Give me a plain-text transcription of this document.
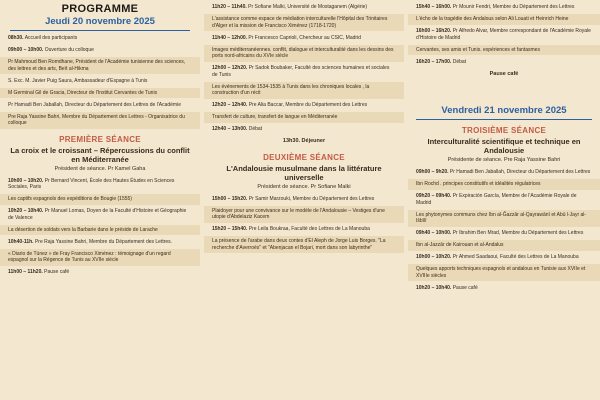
PROGRAMME
Jeudi 20 novembre 2025
08h30. Accueil des participants
09h00 – 10h00. Ouverture du colloque
Pr Mahmoud Ben Romdhane, Président de l'Académie tunisienne des sciences, des lettres et des arts, Beït al-Hikma
S. Exc. M. Javier Puig Saura, Ambassadeur d'Espagne à Tunis
M Germinal Gil de Gracia, Directeur de l'Institut Cervantes de Tunis
Pr Hamadi Ben Jaballah, Directeur du Département des Lettres de l'Académie
Pre Raja Yassine Bahri, Membre du Département des Lettres - Organisatrice du colloque
PREMIÈRE SÉANCE
La croix et le croissant – Répercussions du conflit en Méditerranée
Président de séance. Pr Kamel Gaha
10h00 – 10h20. Pr Bernard Vincent, École des Hautes Études en Sciences Sociales, Paris
Les captifs espagnols des expéditions de Bougie (1555)
10h20 – 10h40. Pr Manuel Lomas, Doyen de la Faculté d'Histoire et Géographie de Valence
La désertion de soldats vers la Barbarie dans le préside de Larache
10h40-11h. Pre Raja Yassine Bahri, Membre du Département des Lettres.
« Diario de Túnez » de Fray Francisco Ximénez : témoignage d'un regard espagnol sur la Régence de Tunis au XVIIe siècle
11h00 – 11h20. Pause café
11h20 – 11h40. Pr Sofiane Malki, Université de Mostaganem (Algérie)
L'assistance comme espace de médiation interculturelle l'Hôpital des Trinitaires d'Alger et la mission de Francisco Ximénez (1718-1720)
11h40 – 12h00. Pr Francesco Caprioli, Chercheur au CSIC, Madrid
Images méditerranéennes. conflit, dialogue et interculturalité dans les dessins des ports nord-africains du XVIe siècle
12h00 – 12h20. Pr Sadok Boubaker, Faculté des sciences humaines et sociales de Tunis
Les événements de 1534-1535 à Tunis dans les chroniques locales , la construction d'un récit
12h20 – 12h40. Pre Alia Baccar, Membre du Département des Lettres
Transfert de culture, transfert de langue en Méditerranée
12h40 – 13h00. Débat
13h30. Déjeuner
DEUXIÈME SÉANCE
L'Andalousie musulmane dans la littérature universelle
Président de séance. Pr Sofiane Malki
15h00 – 15h20. Pr Samir Marzouki, Membre du Département des Lettres
Plaidoyer pour une convivance sur le modèle de l'Andalousie – Vestiges d'une utopie d'Abdelaziz Kacem
15h20 – 15h40. Pre Leila Boukraa, Faculté des Lettres de La Manouba
La présence de l'arabe dans deux contes d'El Aleph de Jorge Luis Borges. "La recherche d'Averroès" et "Abenjacan el Bojari, mort dans son labyrinthe"
15h40 – 16h00. Pr Mounir Fendri, Membre du Département des Lettres
L'écho de la tragédie des Andalous selon Ali Louati et Heinrich Heine
16h00 – 16h20. Pr Alfredo Alvar, Membre correspondant de l'Académie Royale d'Histoire de Madrid
Cervantes, ses amis et Tunis. expériences et fantasmes
16h20 – 17h00. Débat
Pause café
Vendredi 21 novembre 2025
TROISIÈME SÉANCE
Interculturalité scientifique et technique en Andalousie
Présidente de séance. Pre Raja Yassine Bahri
09h00 – 9h20. Pr Hamadi Ben Jaballah, Directeur du Département des Lettres
Ibn Rochd . principes constitutifs et idéalités régulatrices
09h20 – 09h40. Pr Expiración García, Membre de l'Académie Royale de Madrid
Les phytonymes communs chez Ibn al-Ǧazzār al-Qayrawānī et Abū l-Jayr al-Išbīlī
09h40 – 10h00. Pr Ibrahim Ben Mrad, Membre du Département des Lettres
Ibn al-Jazzār de Kairouan et al-Andalus
10h00 – 10h20. Pr Ahmed Saadaoui, Faculté des Lettres de La Manouba
Quelques apports techniques espagnols et andalous en Tunisie aux XVIIe et XVIIIe siècles
10h20 – 10h40. Pause café
